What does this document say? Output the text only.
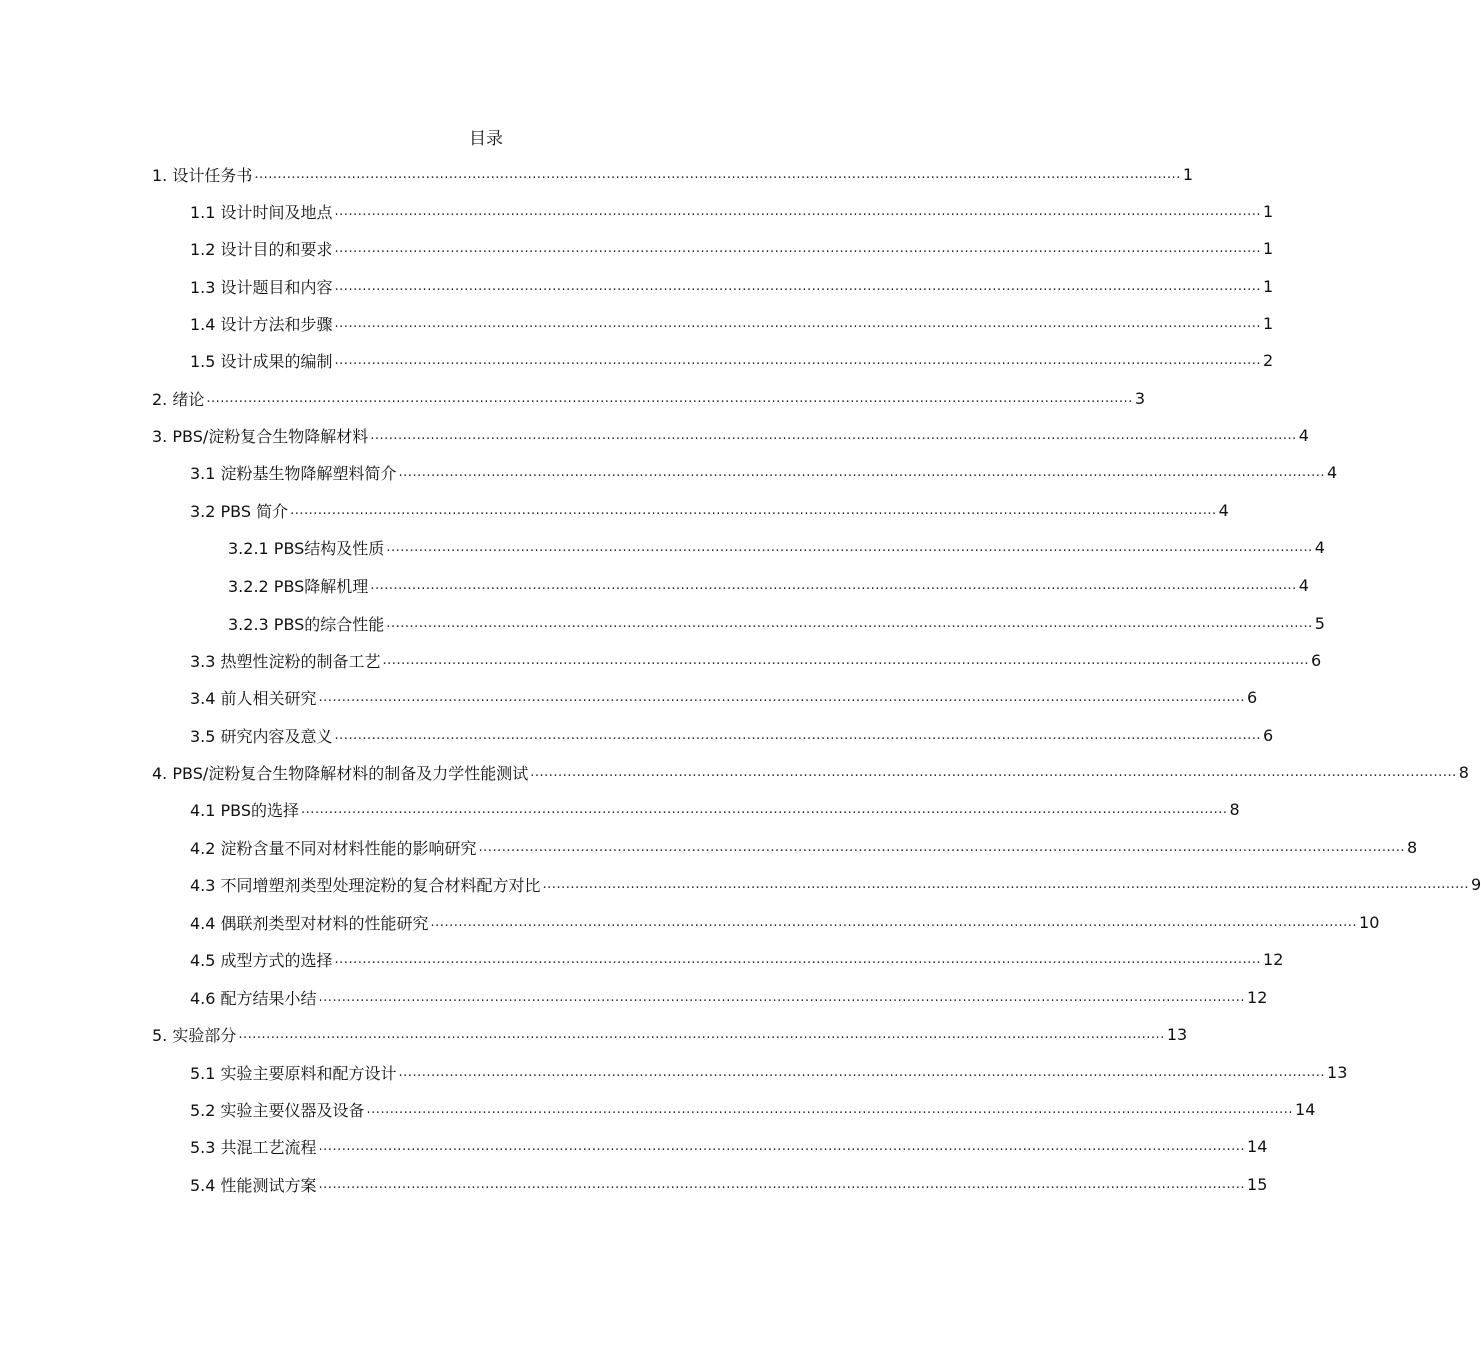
目录
1. 设计任务书 ........................................................................................................................................................................................................ 1
1.1 设计时间及地点 ........................................................................................................................................................................................................ 1
1.2 设计目的和要求 ........................................................................................................................................................................................................ 1
1.3 设计题目和内容 ........................................................................................................................................................................................................ 1
1.4 设计方法和步骤 ........................................................................................................................................................................................................ 1
1.5 设计成果的编制 ........................................................................................................................................................................................................ 2
2. 绪论 ........................................................................................................................................................................................................ 3
3. PBS/淀粉复合生物降解材料 ........................................................................................................................................................................................................ 4
3.1 淀粉基生物降解塑料简介 ........................................................................................................................................................................................................ 4
3.2 PBS 简介 ........................................................................................................................................................................................................ 4
3.2.1 PBS结构及性质 ........................................................................................................................................................................................................ 4
3.2.2 PBS降解机理 ........................................................................................................................................................................................................ 4
3.2.3 PBS的综合性能 ........................................................................................................................................................................................................ 5
3.3 热塑性淀粉的制备工艺 ........................................................................................................................................................................................................ 6
3.4 前人相关研究 ........................................................................................................................................................................................................ 6
3.5 研究内容及意义 ........................................................................................................................................................................................................ 6
4. PBS/淀粉复合生物降解材料的制备及力学性能测试 ........................................................................................................................................................................................................ 8
4.1 PBS的选择 ........................................................................................................................................................................................................ 8
4.2 淀粉含量不同对材料性能的影响研究 ........................................................................................................................................................................................................ 8
4.3 不同增塑剂类型处理淀粉的复合材料配方对比 ........................................................................................................................................................................................................ 9
4.4 偶联剂类型对材料的性能研究 ........................................................................................................................................................................................................ 10
4.5 成型方式的选择 ........................................................................................................................................................................................................ 12
4.6 配方结果小结 ........................................................................................................................................................................................................ 12
5. 实验部分 ........................................................................................................................................................................................................ 13
5.1 实验主要原料和配方设计 ........................................................................................................................................................................................................ 13
5.2 实验主要仪器及设备 ........................................................................................................................................................................................................ 14
5.3 共混工艺流程 ........................................................................................................................................................................................................ 14
5.4 性能测试方案 ........................................................................................................................................................................................................ 15
